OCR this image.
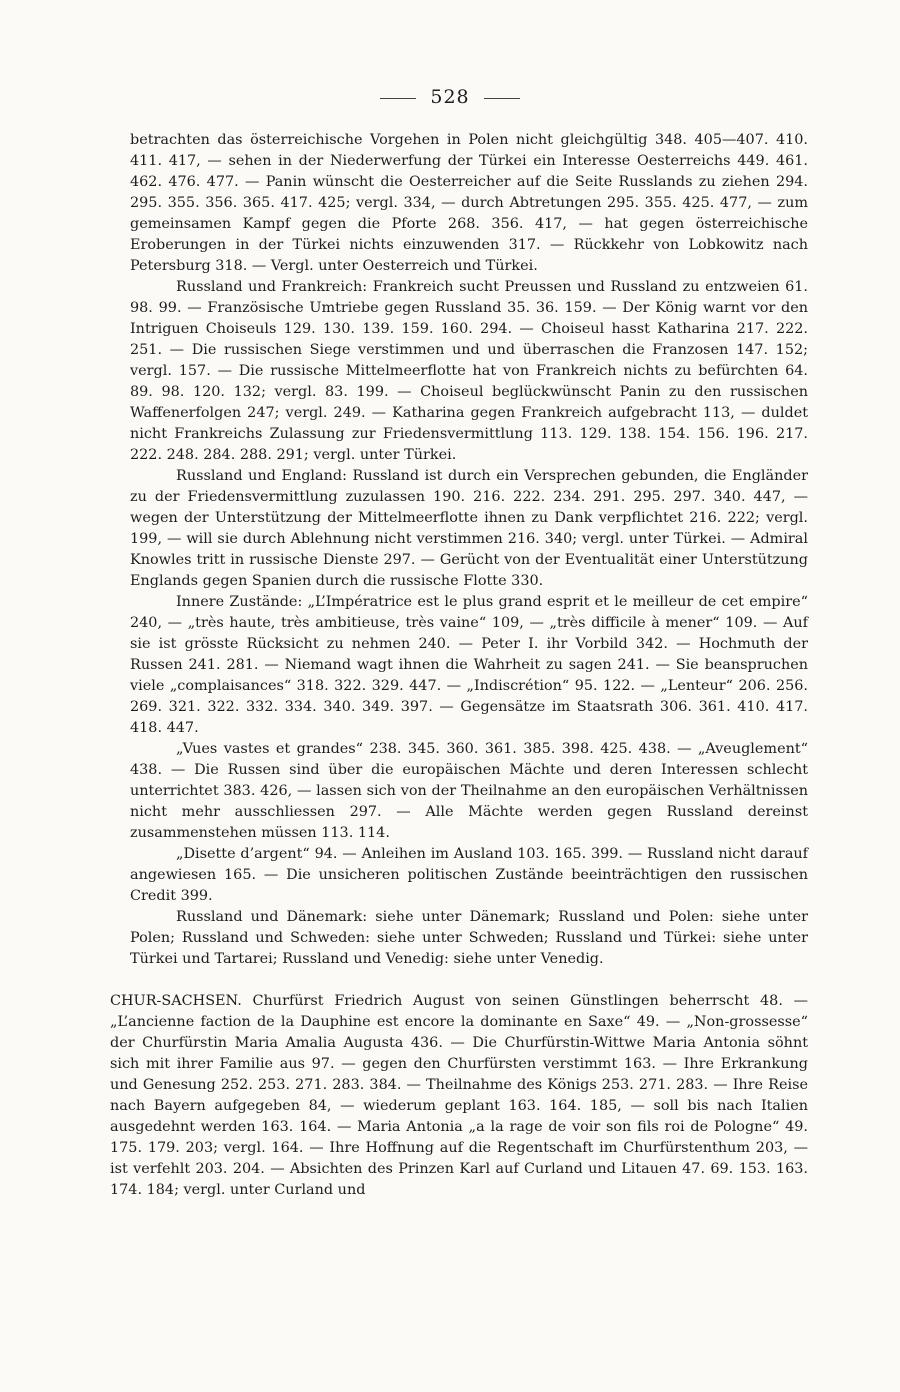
528

betrachten das österreichische Vorgehen in Polen nicht gleichgültig 348. 405—407. 410. 411. 417, — sehen in der Niederwerfung der Türkei ein Interesse Oesterreichs 449. 461. 462. 476. 477. — Panin wünscht die Oesterreicher auf die Seite Russlands zu ziehen 294. 295. 355. 356. 365. 417. 425; vergl. 334, — durch Abtretungen 295. 355. 425. 477, — zum gemeinsamen Kampf gegen die Pforte 268. 356. 417, — hat gegen österreichische Eroberungen in der Türkei nichts einzuwenden 317. — Rückkehr von Lobkowitz nach Petersburg 318. — Vergl. unter Oesterreich und Türkei.

Russland und Frankreich: Frankreich sucht Preussen und Russland zu entzweien 61. 98. 99. — Französische Umtriebe gegen Russland 35. 36. 159. — Der König warnt vor den Intriguen Choiseuls 129. 130. 139. 159. 160. 294. — Choiseul hasst Katharina 217. 222. 251. — Die russischen Siege verstimmen und und überraschen die Franzosen 147. 152; vergl. 157. — Die russische Mittelmeerflotte hat von Frankreich nichts zu befürchten 64. 89. 98. 120. 132; vergl. 83. 199. — Choiseul beglückwünscht Panin zu den russischen Waffenerfolgen 247; vergl. 249. — Katharina gegen Frankreich aufgebracht 113, — duldet nicht Frankreichs Zulassung zur Friedensvermittlung 113. 129. 138. 154. 156. 196. 217. 222. 248. 284. 288. 291; vergl. unter Türkei.

Russland und England: Russland ist durch ein Versprechen gebunden, die Engländer zu der Friedensvermittlung zuzulassen 190. 216. 222. 234. 291. 295. 297. 340. 447, — wegen der Unterstützung der Mittelmeerflotte ihnen zu Dank verpflichtet 216. 222; vergl. 199, — will sie durch Ablehnung nicht verstimmen 216. 340; vergl. unter Türkei. — Admiral Knowles tritt in russische Dienste 297. — Gerücht von der Eventualität einer Unterstützung Englands gegen Spanien durch die russische Flotte 330.

Innere Zustände: „L’Impératrice est le plus grand esprit et le meilleur de cet empire“ 240, — „très haute, très ambitieuse, très vaine“ 109, — „très difficile à mener“ 109. — Auf sie ist grösste Rücksicht zu nehmen 240. — Peter I. ihr Vorbild 342. — Hochmuth der Russen 241. 281. — Niemand wagt ihnen die Wahrheit zu sagen 241. — Sie beanspruchen viele „complaisances“ 318. 322. 329. 447. — „Indiscrétion“ 95. 122. — „Lenteur“ 206. 256. 269. 321. 322. 332. 334. 340. 349. 397. — Gegensätze im Staatsrath 306. 361. 410. 417. 418. 447.

„Vues vastes et grandes“ 238. 345. 360. 361. 385. 398. 425. 438. — „Aveuglement“ 438. — Die Russen sind über die europäischen Mächte und deren Interessen schlecht unterrichtet 383. 426, — lassen sich von der Theilnahme an den europäischen Verhältnissen nicht mehr ausschliessen 297. — Alle Mächte werden gegen Russland dereinst zusammenstehen müssen 113. 114.

„Disette d’argent“ 94. — Anleihen im Ausland 103. 165. 399. — Russland nicht darauf angewiesen 165. — Die unsicheren politischen Zustände beeinträchtigen den russischen Credit 399.

Russland und Dänemark: siehe unter Dänemark; Russland und Polen: siehe unter Polen; Russland und Schweden: siehe unter Schweden; Russland und Türkei: siehe unter Türkei und Tartarei; Russland und Venedig: siehe unter Venedig.

CHUR-SACHSEN. Churfürst Friedrich August von seinen Günstlingen beherrscht 48. — „L’ancienne faction de la Dauphine est encore la dominante en Saxe“ 49. — „Non-grossesse“ der Churfürstin Maria Amalia Augusta 436. — Die Churfürstin-Wittwe Maria Antonia söhnt sich mit ihrer Familie aus 97. — gegen den Churfürsten verstimmt 163. — Ihre Erkrankung und Genesung 252. 253. 271. 283. 384. — Theilnahme des Königs 253. 271. 283. — Ihre Reise nach Bayern aufgegeben 84, — wiederum geplant 163. 164. 185, — soll bis nach Italien ausgedehnt werden 163. 164. — Maria Antonia „a la rage de voir son fils roi de Pologne“ 49. 175. 179. 203; vergl. 164. — Ihre Hoffnung auf die Regentschaft im Churfürstenthum 203, — ist verfehlt 203. 204. — Absichten des Prinzen Karl auf Curland und Litauen 47. 69. 153. 163. 174. 184; vergl. unter Curland und
